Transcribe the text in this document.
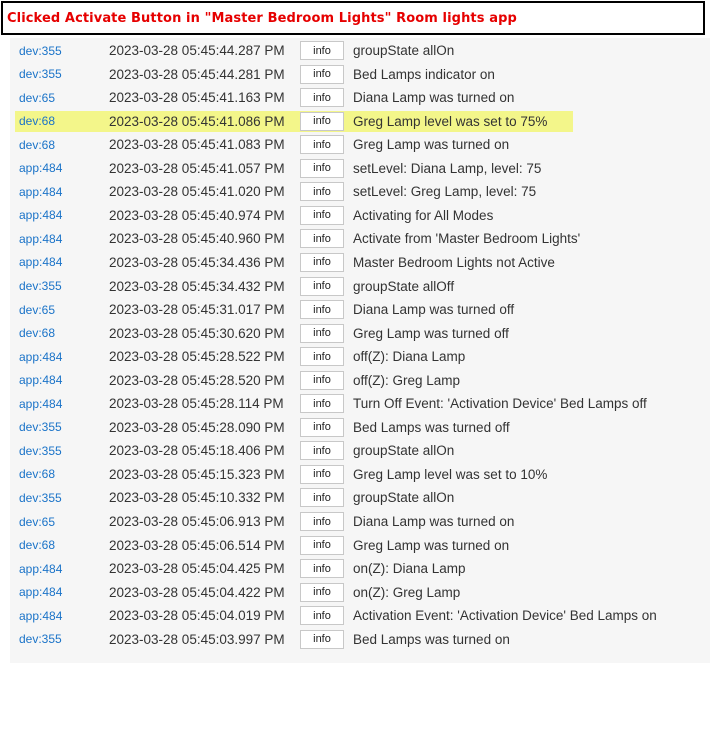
Clicked Activate Button in "Master Bedroom Lights" Room lights app
dev:355	2023-03-28 05:45:44.287 PM	info	groupState allOn
dev:355	2023-03-28 05:45:44.281 PM	info	Bed Lamps indicator on
dev:65	2023-03-28 05:45:41.163 PM	info	Diana Lamp was turned on
dev:68	2023-03-28 05:45:41.086 PM	info	Greg Lamp level was set to 75%
dev:68	2023-03-28 05:45:41.083 PM	info	Greg Lamp was turned on
app:484	2023-03-28 05:45:41.057 PM	info	setLevel: Diana Lamp, level: 75
app:484	2023-03-28 05:45:41.020 PM	info	setLevel: Greg Lamp, level: 75
app:484	2023-03-28 05:45:40.974 PM	info	Activating for All Modes
app:484	2023-03-28 05:45:40.960 PM	info	Activate from 'Master Bedroom Lights'
app:484	2023-03-28 05:45:34.436 PM	info	Master Bedroom Lights not Active
dev:355	2023-03-28 05:45:34.432 PM	info	groupState allOff
dev:65	2023-03-28 05:45:31.017 PM	info	Diana Lamp was turned off
dev:68	2023-03-28 05:45:30.620 PM	info	Greg Lamp was turned off
app:484	2023-03-28 05:45:28.522 PM	info	off(Z): Diana Lamp
app:484	2023-03-28 05:45:28.520 PM	info	off(Z): Greg Lamp
app:484	2023-03-28 05:45:28.114 PM	info	Turn Off Event: 'Activation Device' Bed Lamps off
dev:355	2023-03-28 05:45:28.090 PM	info	Bed Lamps was turned off
dev:355	2023-03-28 05:45:18.406 PM	info	groupState allOn
dev:68	2023-03-28 05:45:15.323 PM	info	Greg Lamp level was set to 10%
dev:355	2023-03-28 05:45:10.332 PM	info	groupState allOn
dev:65	2023-03-28 05:45:06.913 PM	info	Diana Lamp was turned on
dev:68	2023-03-28 05:45:06.514 PM	info	Greg Lamp was turned on
app:484	2023-03-28 05:45:04.425 PM	info	on(Z): Diana Lamp
app:484	2023-03-28 05:45:04.422 PM	info	on(Z): Greg Lamp
app:484	2023-03-28 05:45:04.019 PM	info	Activation Event: 'Activation Device' Bed Lamps on
dev:355	2023-03-28 05:45:03.997 PM	info	Bed Lamps was turned on
